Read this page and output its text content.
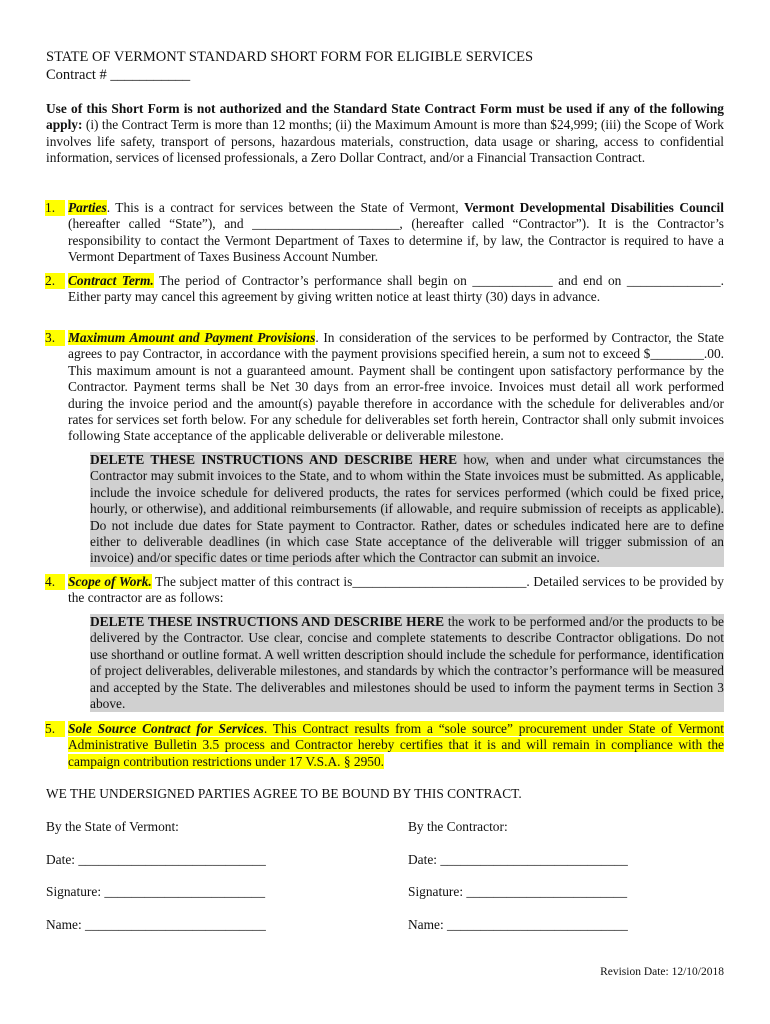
STATE OF VERMONT STANDARD SHORT FORM FOR ELIGIBLE SERVICES
Contract # ___________
Use of this Short Form is not authorized and the Standard State Contract Form must be used if any of the following apply: (i) the Contract Term is more than 12 months; (ii) the Maximum Amount is more than $24,999; (iii) the Scope of Work involves life safety, transport of persons, hazardous materials, construction, data usage or sharing, access to confidential information, services of licensed professionals, a Zero Dollar Contract, and/or a Financial Transaction Contract.
1. Parties. This is a contract for services between the State of Vermont, Vermont Developmental Disabilities Council (hereafter called “State”), and ______________________, (hereafter called “Contractor”). It is the Contractor’s responsibility to contact the Vermont Department of Taxes to determine if, by law, the Contractor is required to have a Vermont Department of Taxes Business Account Number.
2. Contract Term. The period of Contractor’s performance shall begin on ____________ and end on ______________. Either party may cancel this agreement by giving written notice at least thirty (30) days in advance.
3. Maximum Amount and Payment Provisions. In consideration of the services to be performed by Contractor, the State agrees to pay Contractor, in accordance with the payment provisions specified herein, a sum not to exceed $________.00. This maximum amount is not a guaranteed amount. Payment shall be contingent upon satisfactory performance by the Contractor. Payment terms shall be Net 30 days from an error-free invoice. Invoices must detail all work performed during the invoice period and the amount(s) payable therefore in accordance with the schedule for deliverables and/or rates for services set forth below. For any schedule for deliverables set forth herein, Contractor shall only submit invoices following State acceptance of the applicable deliverable or deliverable milestone.
DELETE THESE INSTRUCTIONS AND DESCRIBE HERE how, when and under what circumstances the Contractor may submit invoices to the State, and to whom within the State invoices must be submitted. As applicable, include the invoice schedule for delivered products, the rates for services performed (which could be fixed price, hourly, or otherwise), and additional reimbursements (if allowable, and require submission of receipts as applicable). Do not include due dates for State payment to Contractor. Rather, dates or schedules indicated here are to define either to deliverable deadlines (in which case State acceptance of the deliverable will trigger submission of an invoice) and/or specific dates or time periods after which the Contractor can submit an invoice.
4. Scope of Work. The subject matter of this contract is__________________________. Detailed services to be provided by the contractor are as follows:
DELETE THESE INSTRUCTIONS AND DESCRIBE HERE the work to be performed and/or the products to be delivered by the Contractor. Use clear, concise and complete statements to describe Contractor obligations. Do not use shorthand or outline format. A well written description should include the schedule for performance, identification of project deliverables, deliverable milestones, and standards by which the contractor’s performance will be measured and accepted by the State. The deliverables and milestones should be used to inform the payment terms in Section 3 above.
5. Sole Source Contract for Services. This Contract results from a “sole source” procurement under State of Vermont Administrative Bulletin 3.5 process and Contractor hereby certifies that it is and will remain in compliance with the campaign contribution restrictions under 17 V.S.A. § 2950.
WE THE UNDERSIGNED PARTIES AGREE TO BE BOUND BY THIS CONTRACT.
By the State of Vermont:
Date: ____________________________
Signature: ________________________
Name: ___________________________
By the Contractor:
Date: ____________________________
Signature: ________________________
Name: ___________________________
Revision Date: 12/10/2018
